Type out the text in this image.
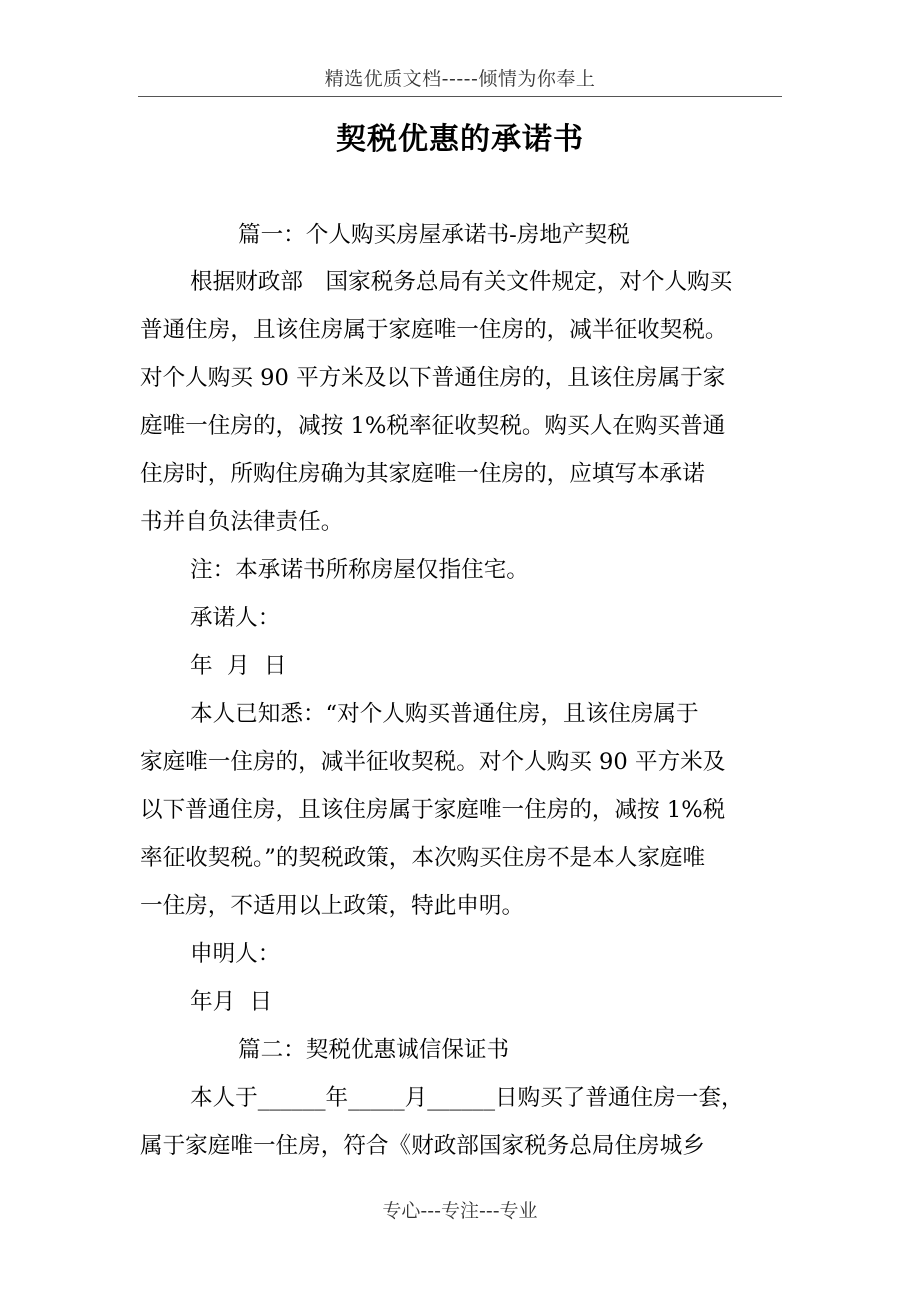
精选优质文档-----倾情为你奉上
契税优惠的承诺书
篇一：个人购买房屋承诺书-房地产契税
根据财政部　国家税务总局有关文件规定，对个人购买
普通住房，且该住房属于家庭唯一住房的，减半征收契税。
对个人购买 90 平方米及以下普通住房的，且该住房属于家
庭唯一住房的，减按 1%税率征收契税。购买人在购买普通
住房时，所购住房确为其家庭唯一住房的，应填写本承诺
书并自负法律责任。
注：本承诺书所称房屋仅指住宅。
承诺人：
年  月  日
本人已知悉：“对个人购买普通住房，且该住房属于
家庭唯一住房的，减半征收契税。对个人购买 90 平方米及
以下普通住房，且该住房属于家庭唯一住房的，减按 1%税
率征收契税。”的契税政策，本次购买住房不是本人家庭唯
一住房，不适用以上政策，特此申明。
申明人：
年月  日
篇二：契税优惠诚信保证书
本人于______年_____月______日购买了普通住房一套，
属于家庭唯一住房，符合《财政部国家税务总局住房城乡
专心---专注---专业
